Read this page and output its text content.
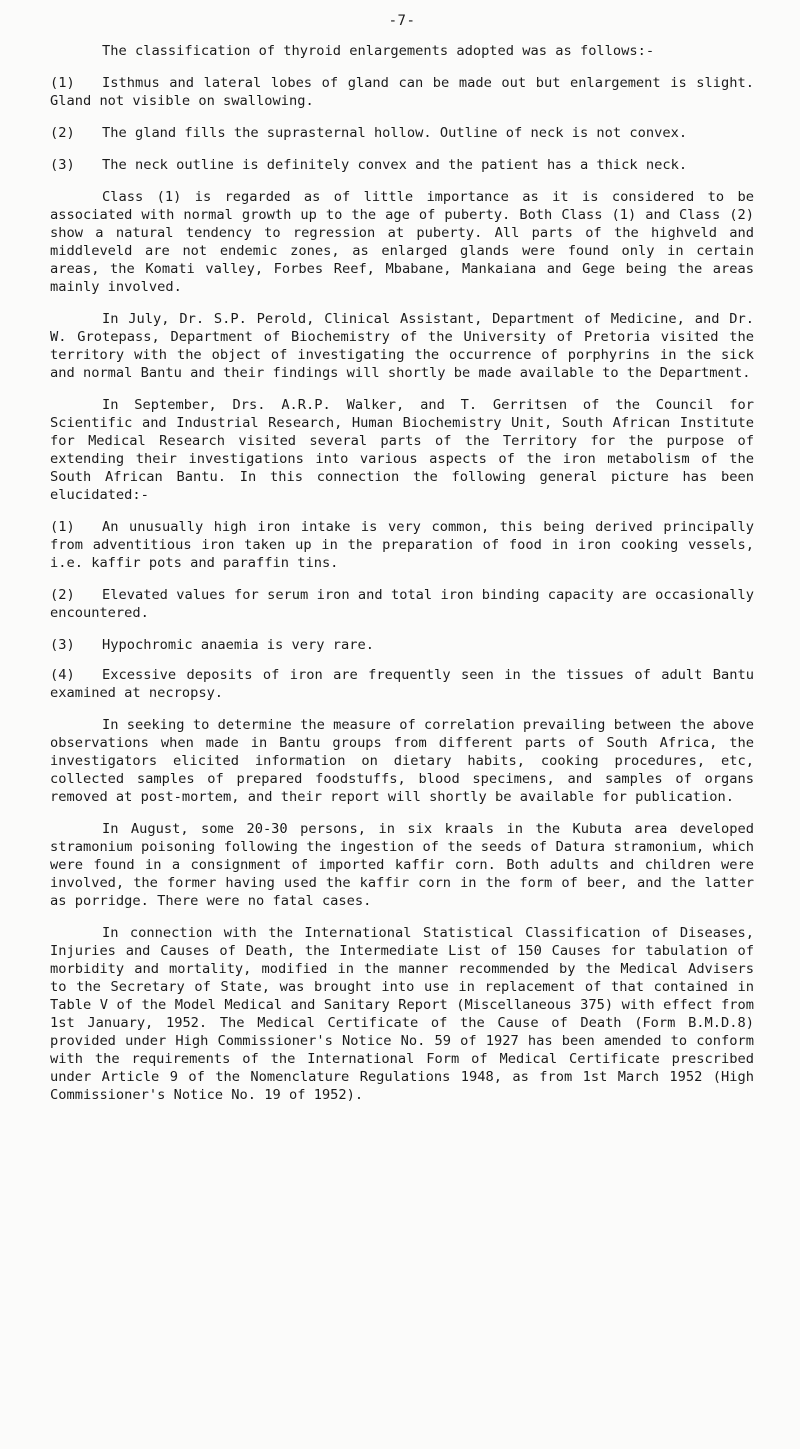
-7-

The classification of thyroid enlargements adopted was as follows:-

(1) Isthmus and lateral lobes of gland can be made out but enlargement is slight. Gland not visible on swallowing.
(2) The gland fills the suprasternal hollow. Outline of neck is not convex.
(3) The neck outline is definitely convex and the patient has a thick neck.

Class (1) is regarded as of little importance as it is considered to be associated with normal growth up to the age of puberty. Both Class (1) and Class (2) show a natural tendency to regression at puberty. All parts of the highveld and middleveld are not endemic zones, as enlarged glands were found only in certain areas, the Komati valley, Forbes Reef, Mbabane, Mankaiana and Gege being the areas mainly involved.

In July, Dr. S.P. Perold, Clinical Assistant, Department of Medicine, and Dr. W. Grotepass, Department of Biochemistry of the University of Pretoria visited the territory with the object of investigating the occurrence of porphyrins in the sick and normal Bantu and their findings will shortly be made available to the Department.

In September, Drs. A.R.P. Walker, and T. Gerritsen of the Council for Scientific and Industrial Research, Human Biochemistry Unit, South African Institute for Medical Research visited several parts of the Territory for the purpose of extending their investigations into various aspects of the iron metabolism of the South African Bantu. In this connection the following general picture has been elucidated:-

(1) An unusually high iron intake is very common, this being derived principally from adventitious iron taken up in the preparation of food in iron cooking vessels, i.e. kaffir pots and paraffin tins.
(2) Elevated values for serum iron and total iron binding capacity are occasionally encountered.
(3) Hypochromic anaemia is very rare.
(4) Excessive deposits of iron are frequently seen in the tissues of adult Bantu examined at necropsy.

In seeking to determine the measure of correlation prevailing between the above observations when made in Bantu groups from different parts of South Africa, the investigators elicited information on dietary habits, cooking procedures, etc, collected samples of prepared foodstuffs, blood specimens, and samples of organs removed at post-mortem, and their report will shortly be available for publication.

In August, some 20-30 persons, in six kraals in the Kubuta area developed stramonium poisoning following the ingestion of the seeds of Datura stramonium, which were found in a consignment of imported kaffir corn. Both adults and children were involved, the former having used the kaffir corn in the form of beer, and the latter as porridge. There were no fatal cases.

In connection with the International Statistical Classification of Diseases, Injuries and Causes of Death, the Intermediate List of 150 Causes for tabulation of morbidity and mortality, modified in the manner recommended by the Medical Advisers to the Secretary of State, was brought into use in replacement of that contained in Table V of the Model Medical and Sanitary Report (Miscellaneous 375) with effect from 1st January, 1952. The Medical Certificate of the Cause of Death (Form B.M.D.8) provided under High Commissioner's Notice No. 59 of 1927 has been amended to conform with the requirements of the International Form of Medical Certificate prescribed under Article 9 of the Nomenclature Regulations 1948, as from 1st March 1952 (High Commissioner's Notice No. 19 of 1952).
